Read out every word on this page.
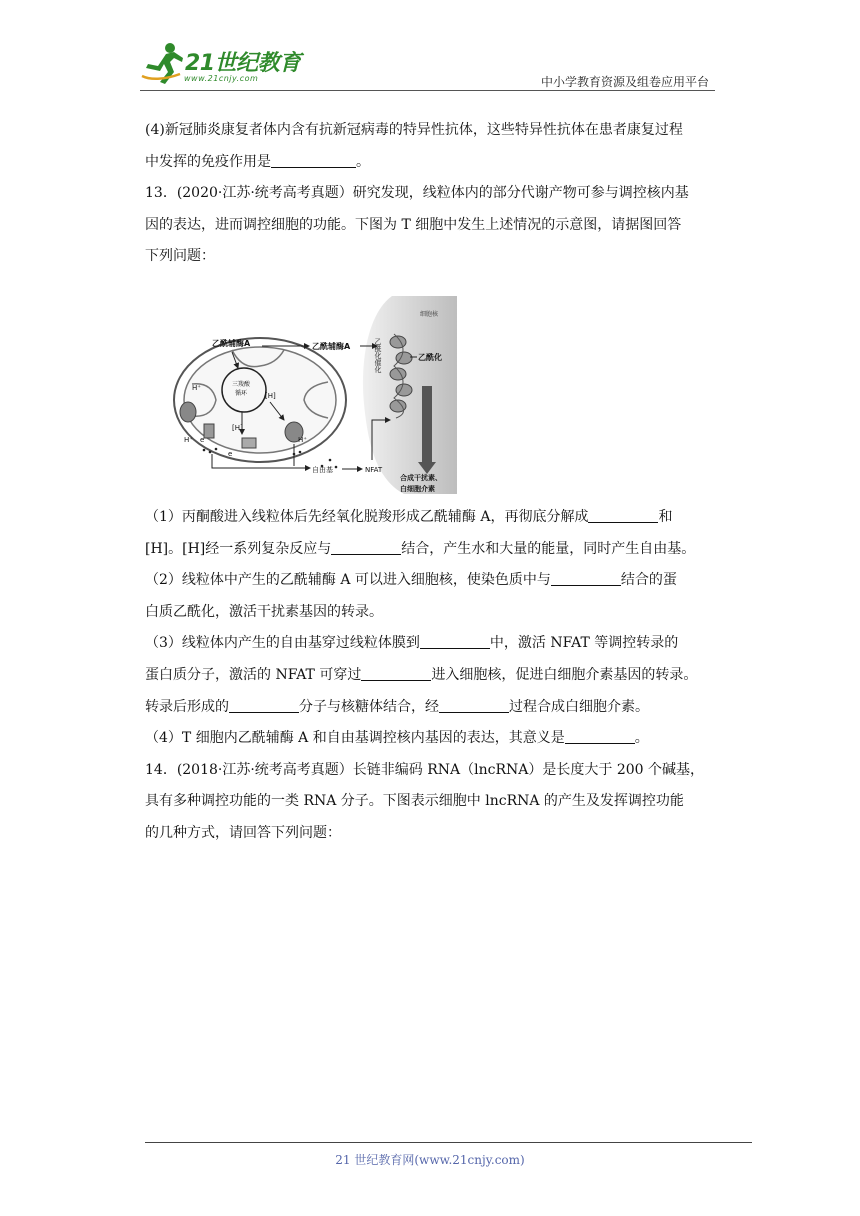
21世纪教育
www.21cnjy.com	中小学教育资源及组卷应用平台

(4)新冠肺炎康复者体内含有抗新冠病毒的特异性抗体，这些特异性抗体在患者康复过程

中发挥的免疫作用是	。

13．(2020·江苏·统考高考真题）研究发现，线粒体内的部分代谢产物可参与调控核内基

因的表达，进而调控细胞的功能。下图为 T 细胞中发生上述情况的示意图，请据图回答

下列问题：

（1）丙酮酸进入线粒体后先经氧化脱羧形成乙酰辅酶 A，再彻底分解成	和

[H]。[H]经一系列复杂反应与	结合，产生水和大量的能量，同时产生自由基。

（2）线粒体中产生的乙酰辅酶 A 可以进入细胞核，使染色质中与	结合的蛋

白质乙酰化，激活干扰素基因的转录。

（3）线粒体内产生的自由基穿过线粒体膜到	中，激活 NFAT 等调控转录的

蛋白质分子，激活的 NFAT 可穿过	进入细胞核，促进白细胞介素基因的转录。

转录后形成的	分子与核糖体结合，经	过程合成白细胞介素。

（4）T 细胞内乙酰辅酶 A 和自由基调控核内基因的表达，其意义是	。

14．(2018·江苏·统考高考真题）长链非编码 RNA（lncRNA）是长度大于 200 个碱基，

具有多种调控功能的一类 RNA 分子。下图表示细胞中 lncRNA 的产生及发挥调控功能

的几种方式，请回答下列问题：

细胞核
乙酰辅酶A	乙酰辅酶A
三羧酸
循环	[H]
[H]
H⁺
H⁺	H⁺
e
e
自由基	NFAT
乙酰化催化	乙酰化
合成干扰素、
白细胞介素
21 世纪教育网(www.21cnjy.com)
